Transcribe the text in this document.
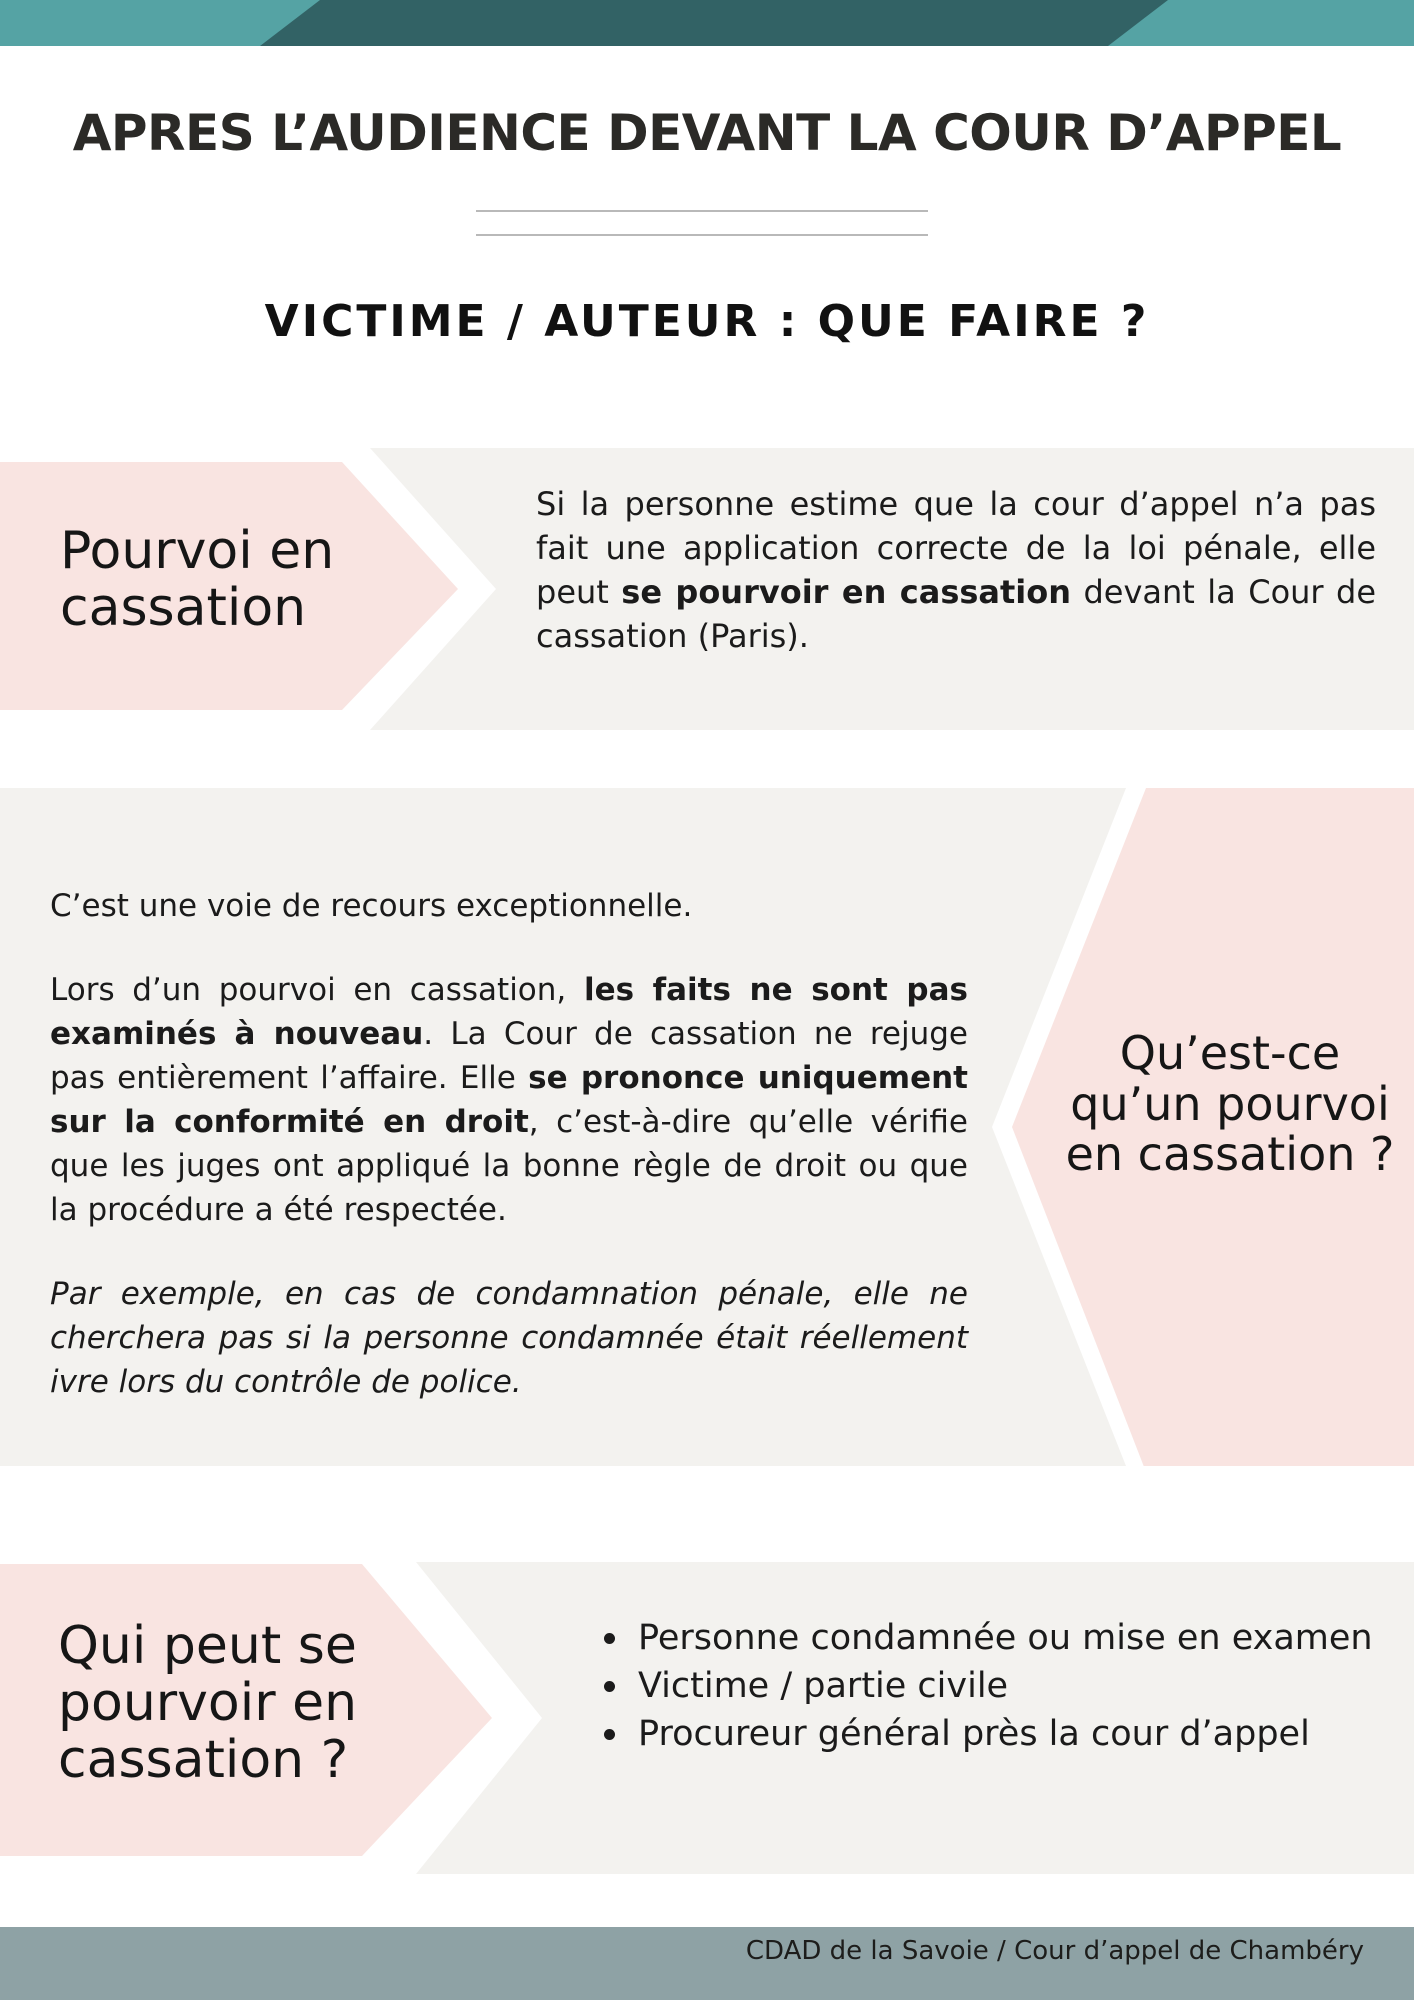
APRES L’AUDIENCE DEVANT LA COUR D’APPEL
VICTIME / AUTEUR : QUE FAIRE ?
Pourvoi en
cassation
Si la personne estime que la cour d’appel n’a pas fait une application correcte de la loi pénale, elle peut se pourvoir en cassation devant la Cour de cassation (Paris).
Qu’est-ce
qu’un pourvoi
en cassation ?

C’est une voie de recours exceptionnelle.

Lors d’un pourvoi en cassation, les faits ne sont pas examinés à nouveau. La Cour de cassation ne rejuge pas entièrement l’affaire. Elle se prononce uniquement sur la conformité en droit, c’est-à-dire qu’elle vérifie que les juges ont appliqué la bonne règle de droit ou que la procédure a été respectée.

Par exemple, en cas de condamnation pénale, elle ne cherchera pas si la personne condamnée était réellement ivre lors du contrôle de police.

Qui peut se
pourvoir en
cassation ?
Personne condamnée ou mise en examen
Victime / partie civile
Procureur général près la cour d’appel
CDAD de la Savoie / Cour d’appel de Chambéry
